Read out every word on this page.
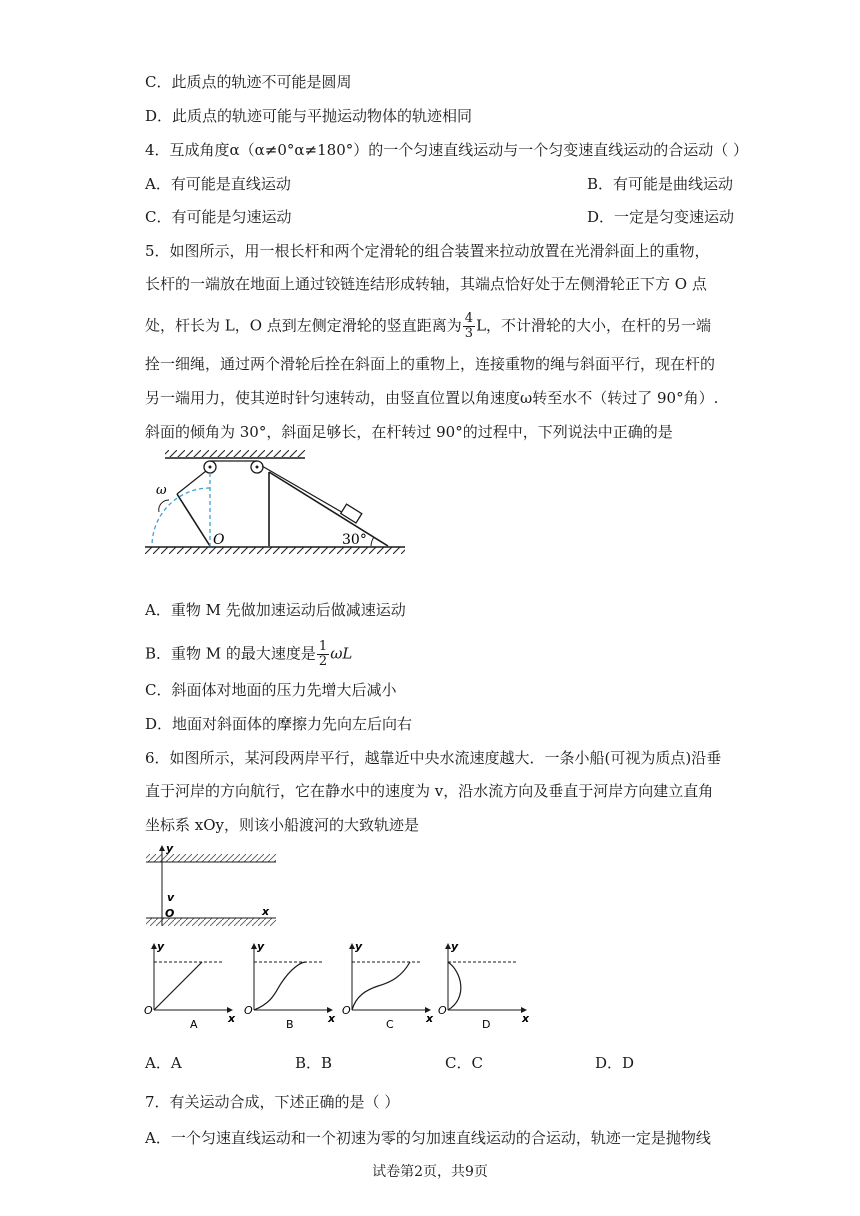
C．此质点的轨迹不可能是圆周
D．此质点的轨迹可能与平抛运动物体的轨迹相同
4．互成角度α（α≠0°α≠180°）的一个匀速直线运动与一个匀变速直线运动的合运动（ ）
A．有可能是直线运动	B．有可能是曲线运动
C．有可能是匀速运动	D．一定是匀变速运动
5．如图所示，用一根长杆和两个定滑轮的组合装置来拉动放置在光滑斜面上的重物，
长杆的一端放在地面上通过铰链连结形成转轴，其端点恰好处于左侧滑轮正下方 O 点
处，杆长为 L，O 点到左侧定滑轮的竖直距离为 $\frac{4}{3}$ L，不计滑轮的大小，在杆的另一端
拴一细绳，通过两个滑轮后拴在斜面上的重物上，连接重物的绳与斜面平行，现在杆的
另一端用力，使其逆时针匀速转动，由竖直位置以角速度ω转至水不（转过了 90°角）.
斜面的倾角为 30°，斜面足够长，在杆转过 90°的过程中，下列说法中正确的是
ω
O	30°
A．重物 M 先做加速运动后做减速运动
B．重物 M 的最大速度是 $\frac{1}{2}$ ωL
C．斜面体对地面的压力先增大后减小
D．地面对斜面体的摩擦力先向左后向右
6．如图所示，某河段两岸平行，越靠近中央水流速度越大．一条小船(可视为质点)沿垂
直于河岸的方向航行，它在静水中的速度为 v，沿水流方向及垂直于河岸方向建立直角
坐标系 xOy，则该小船渡河的大致轨迹是
y
v
O	x
y
O
x
A
y
O
x
B
y
O
x
C
y
O
x
D
A．A	B．B	C．C	D．D
7．有关运动合成，下述正确的是（ ）
A．一个匀速直线运动和一个初速为零的匀加速直线运动的合运动，轨迹一定是抛物线
试卷第2页，共9页
